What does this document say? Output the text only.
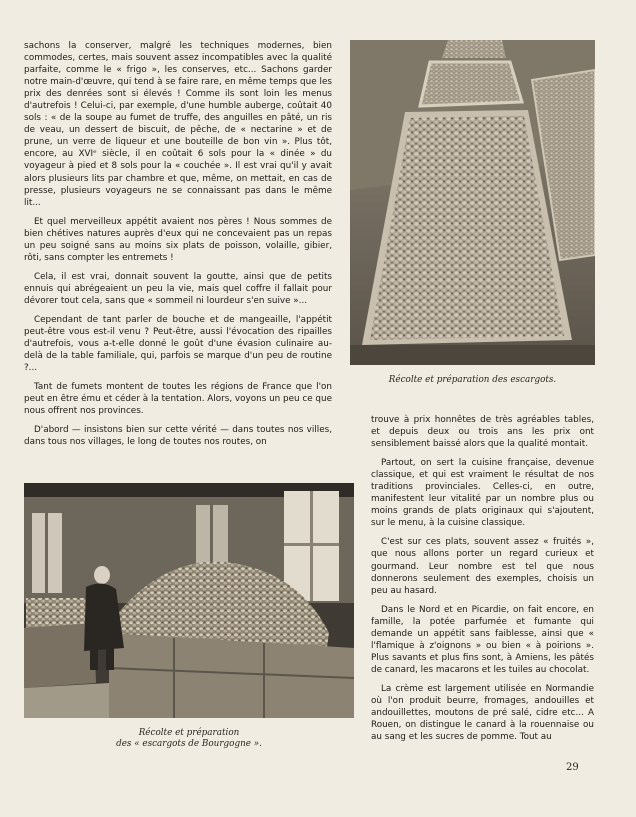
sachons la conserver, malgré les techniques modernes, bien commodes, certes, mais souvent assez incompatibles avec la qualité parfaite, comme le « frigo », les conserves, etc... Sachons garder notre main-d'œuvre, qui tend à se faire rare, en même temps que les prix des denrées sont si élevés ! Comme ils sont loin les menus d'autrefois ! Celui-ci, par exemple, d'une humble auberge, coûtait 40 sols : « de la soupe au fumet de truffe, des anguilles en pâté, un ris de veau, un dessert de biscuit, de pêche, de « nectarine » et de prune, un verre de liqueur et une bouteille de bon vin ». Plus tôt, encore, au XVIᵉ siècle, il en coûtait 6 sols pour la « dinée » du voyageur à pied et 8 sols pour la « couchée ». Il est vrai qu'il y avait alors plusieurs lits par chambre et que, même, on mettait, en cas de presse, plusieurs voyageurs ne se connaissant pas dans le même lit...

Et quel merveilleux appétit avaient nos pères ! Nous sommes de bien chétives natures auprès d'eux qui ne concevaient pas un repas un peu soigné sans au moins six plats de poisson, volaille, gibier, rôti, sans compter les entremets !

Cela, il est vrai, donnait souvent la goutte, ainsi que de petits ennuis qui abrégeaient un peu la vie, mais quel coffre il fallait pour dévorer tout cela, sans que « sommeil ni lourdeur s'en suive »...

Cependant de tant parler de bouche et de mangeaille, l'appétit peut-être vous est-il venu ? Peut-être, aussi l'évocation des ripailles d'autrefois, vous a-t-elle donné le goût d'une évasion culinaire au-delà de la table familiale, qui, parfois se marque d'un peu de routine ?...

Tant de fumets montent de toutes les régions de France que l'on peut en être ému et céder à la tentation. Alors, voyons un peu ce que nous offrent nos provinces.

D'abord — insistons bien sur cette vérité — dans toutes nos villes, dans tous nos villages, le long de toutes nos routes, on

Récolte et préparation des escargots.
Récolte et préparation
des « escargots de Bourgogne ».

trouve à prix honnêtes de très agréables tables, et depuis deux ou trois ans les prix ont sensiblement baissé alors que la qualité montait.

Partout, on sert la cuisine française, devenue classique, et qui est vraiment le résultat de nos traditions provinciales. Celles-ci, en outre, manifestent leur vitalité par un nombre plus ou moins grands de plats originaux qui s'ajoutent, sur le menu, à la cuisine classique.

C'est sur ces plats, souvent assez « fruités », que nous allons porter un regard curieux et gourmand. Leur nombre est tel que nous donnerons seulement des exemples, choisis un peu au hasard.

Dans le Nord et en Picardie, on fait encore, en famille, la potée parfumée et fumante qui demande un appétit sans faiblesse, ainsi que « l'flamique à z'oignons » ou bien « à poirions ». Plus savants et plus fins sont, à Amiens, les pâtés de canard, les macarons et les tuiles au chocolat.

La crème est largement utilisée en Normandie où l'on produit beurre, fromages, andouilles et andouillettes, moutons de pré salé, cidre etc... A Rouen, on distingue le canard à la rouennaise ou au sang et les sucres de pomme. Tout au

29
